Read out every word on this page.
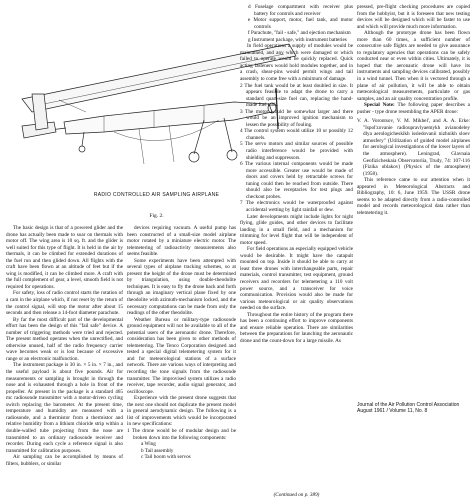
RADIO CONTROLLED AIR SAMPLING AIRPLANE
Fig. 2.

The basic design is that of a powered glider and the drone has actually been made to soar on thermals with motor off. The wing area is 10 sq. ft. and the glider is well suited for this type of flight. It is held in the air by thermals, it can be climbed for extended durations of the fuel run and then glided down. All flights with the craft have been flown at an altitude of feet but if the wing is modified, it can be climbed more. A craft with the full complement of gear, a level, smooth field is not required for operations.

For safety, loss of radio control starts the rotation of a cam in the airplane which, if not reset by the return of the control signal, will stop the motor after about 15 seconds and then release a 14-foot diameter parachute.

By far the most difficult part of the developmental effort has been the design of this "fail safe" device. A number of triggering methods were tried and rejected. The present method operates when the unrectified, and otherwise unused, half of the radio frequency carrier wave becomes weak or is lost because of excessive range or an electronic malfunction.

The instrument package is 30 in. × 5 in. × 7 in., and the useful payload is about five pounds. Air for measurements or sampling is brought in through the nose and is exhausted through a hole in front of the propeller. At present in the package is a standard 465 mc radiosonde transmitter with a motor-driven cycling switch replacing the barometer. At the present time, temperature and humidity are measured with a radiosonde, and a thermistor from a thermistor and relative humidity from a lithium chloride strip within a double-walled tube projecting from the nose are transmitted to an ordinary radiosonde receiver and recorder. During each cycle a reference signal is also transmitted for calibration purposes.

Air sampling can be accomplished by means of filters, bubblers, or similar

devices requiring vacuum. A useful pump has been constructed of a small-size model airplane motor rotated by a miniature electric motor. The telemetering of radioactivity measurements also seems feasible.

Some experiments have been attempted with several types of airplane tracking schemes, so at present the height of the drone must be determined by triangulation, using double-theodolite techniques. It is easy to fly the drone back and forth through an imaginary vertical plane fixed by one theodolite with azimuth-mechanism locked, and the necessary computations can be made from only the readings of the other theodolite.

Weather Bureau or military-type radiosonde ground equipment will not be available to all of the potential users of the aeronautic drone. Therefore, consideration has been given to other methods of telemetering. The Tenco Corporation designed and tested a special digital telemetering system for it and for meteorological stations of a surface network. There are various ways of interpreting and recording the tone signals from the radiosonde transmitter. The improvised system utilizes a radio receiver, tape recorder, audio signal generator, and oscilloscope.

Experience with the present drone suggests that the next one should not duplicate the present model in general aerodynamic design. The following is a list of improvements which would be incorporated in new specifications:

1 The drone would be of modular design and be broken down into the following components:
a Wing
b Tail assembly
c Tail boom with servos
d Fuselage compartment with receiver plus battery for controls and receiver
e Motor support, motor, fuel tank, and motor controls
f Parachute, "fail - safe," and ejection mechanism
g Instrument package, with instrument batteries

In field operations a supply of modules would be maintained, and any which were damaged or which failed to operate would be quickly replaced. Quick acting fasteners would hold modules together, and in a crash, shear-pins would permit wings and tail assembly to come free with a minimum of damage.

2 The fuel tank would be at least doubled in size. It appears feasible to adapt the drone to carry a standard quart-size fuel can, replacing the hand-made fuel tank.
3 The motor would be somewhat larger and there would be an improved ignition mechanism to lessen the possibility of fouling.
4 The control system would utilize 10 or possibly 12 channels.
5 The servo motors and similar sources of possible radio interference would be provided with shielding and suppressors.
6 The various internal components would be made more accessible. Greater use would be made of doors and covers held by retractable screws for tuning could then be reached from outside. There should also be receptacles for test plugs and checkout probes.
7 The electronics would be waterproofed against accidental wetting by light rainfall or dew.

Later developments might include lights for night flying, glide guides, and other devices to facilitate landing in a small field, and a mechanism for trimming for level flight that will be independent of motor speed.

For field operations an especially equipped vehicle would be desirable. It might have the catapult mounted on top. Inside it should be able to carry at least three drones with interchangeable parts, repair materials, control transmitter, test equipment, ground receivers and recorders for telemetering a 110 volt power source, and a transceiver for voice communication. Provision would also be made for various meteorological or air quality observations needed on the surface.

Throughout the entire history of the program there has been a continuing effort to improve components and ensure reliable operation. There are similarities between the preparations for launching the aeronautic drone and the count-down for a large missile. As

pressed, pre-flight checking procedures are copied from the hobbyist, but it is foreseen that new testing devices will be designed which will be faster to use and which will provide much more information.

Although the prototype drone has been flown more than 60 times, a sufficient number of consecutive safe flights are needed to give assurance to regulatory agencies that operations can be safely conducted near or even within cities. Ultimately, it is hoped that the aeronautic drone will have its instruments and sampling devices calibrated, possibly in a wind tunnel. Then when it is vectored through a plane of air pollution, it will be able to obtain meteorological measurements, particulate or gas samples, and an air quality concentration profile.

Special Note: The following paper describes a pusher - type drone resembling the APER drone:

V. A. Vorontsov, V. M. Mikhel', and A. A. Erke: "Ispol'zovanie radioupravlyaemykh avianodeley dlya aerologicheskikh issledovanii nizhnikh sloev atmosfery" (Utilization of guided model airplanes for aerological investigations of the lower layers of the atmosphere). Leningrad, Glavnaia Geofizicheskaia Observatoriia, Trudy, 74: 107-116 (Fizika oblakov) (Physics of the atmosphere) (1958).

This reference came to our attention when it appeared in Meteorological Abstracts and Bibliography, 10: 6, June 1959. The USSR drone seems to be adapted directly from a radio-controlled model and records meteorological data rather than telemetering it.

Journal of the Air Pollution Control Association
August 1961 / Volume 11, No. 8
(Continued on p. 389)
